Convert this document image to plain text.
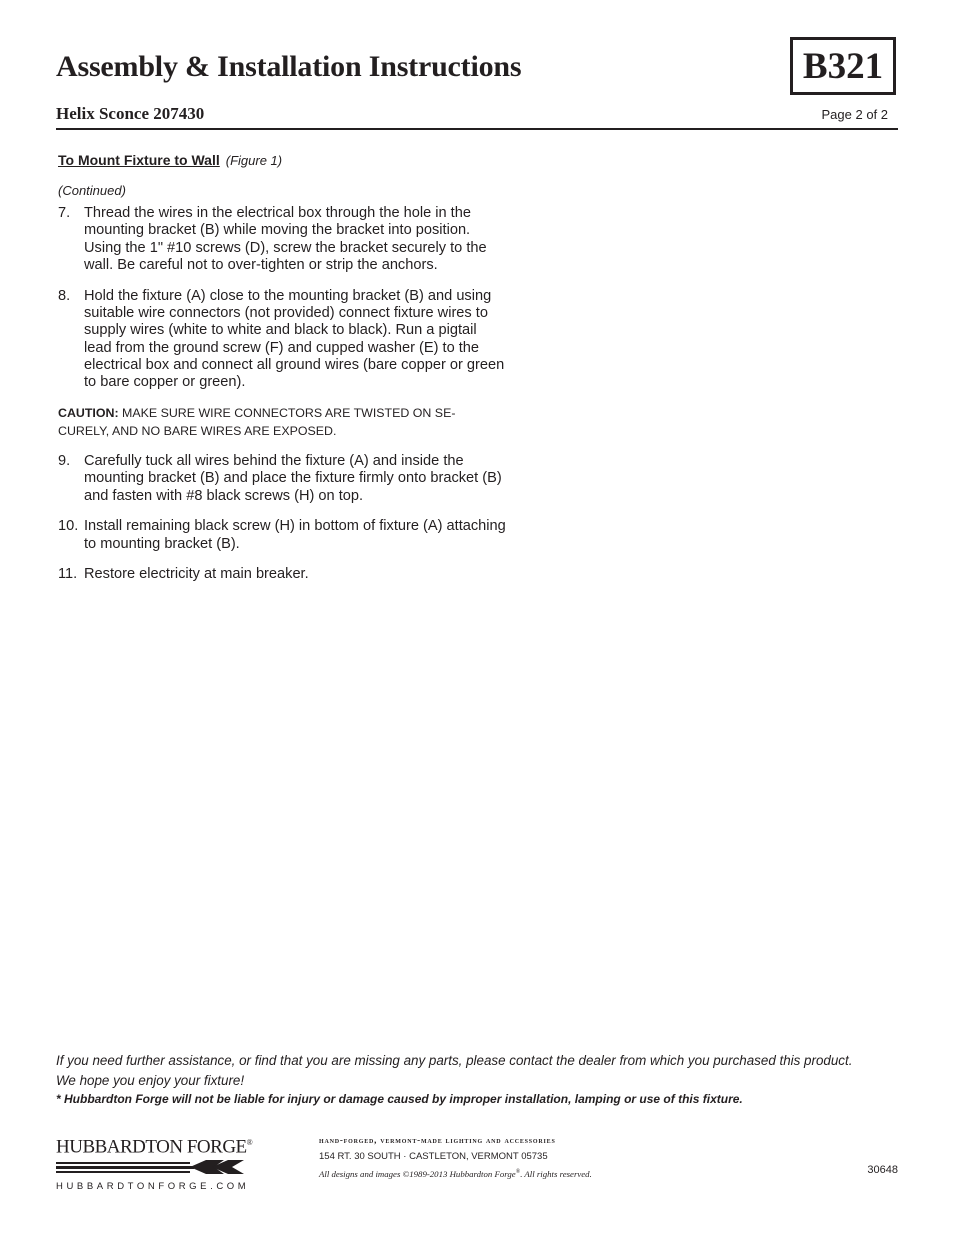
Assembly & Installation Instructions	B321
Helix Sconce 207430	Page 2 of 2
To Mount Fixture to Wall (Figure 1)
(Continued)
7. Thread the wires in the electrical box through the hole in the mounting bracket (B) while moving the bracket into position. Using the 1" #10 screws (D), screw the bracket securely to the wall. Be careful not to over-tighten or strip the anchors.
8. Hold the fixture (A) close to the mounting bracket (B) and using suitable wire connectors (not provided) connect fixture wires to supply wires (white to white and black to black). Run a pigtail lead from the ground screw (F) and cupped washer (E) to the electrical box and connect all ground wires (bare copper or green to bare copper or green).
CAUTION: MAKE SURE WIRE CONNECTORS ARE TWISTED ON SE- CURELY, AND NO BARE WIRES ARE EXPOSED.
9. Carefully tuck all wires behind the fixture (A) and inside the mounting bracket (B) and place the fixture firmly onto bracket (B) and fasten with #8 black screws (H) on top.
10. Install remaining black screw (H) in bottom of fixture (A) attaching to mounting bracket (B).
11. Restore electricity at main breaker.
If you need further assistance, or find that you are missing any parts, please contact the dealer from which you purchased this product.
We hope you enjoy your fixture!
* Hubbardton Forge will not be liable for injury or damage caused by improper installation, lamping or use of this fixture.
HUBBARDTON FORGE®
HUBBARDTONFORGE.COM
hand-forged, vermont-made lighting and accessories
154 RT. 30 SOUTH · CASTLETON, VERMONT 05735
All designs and images ©1989-2013 Hubbardton Forge®. All rights reserved.	30648
